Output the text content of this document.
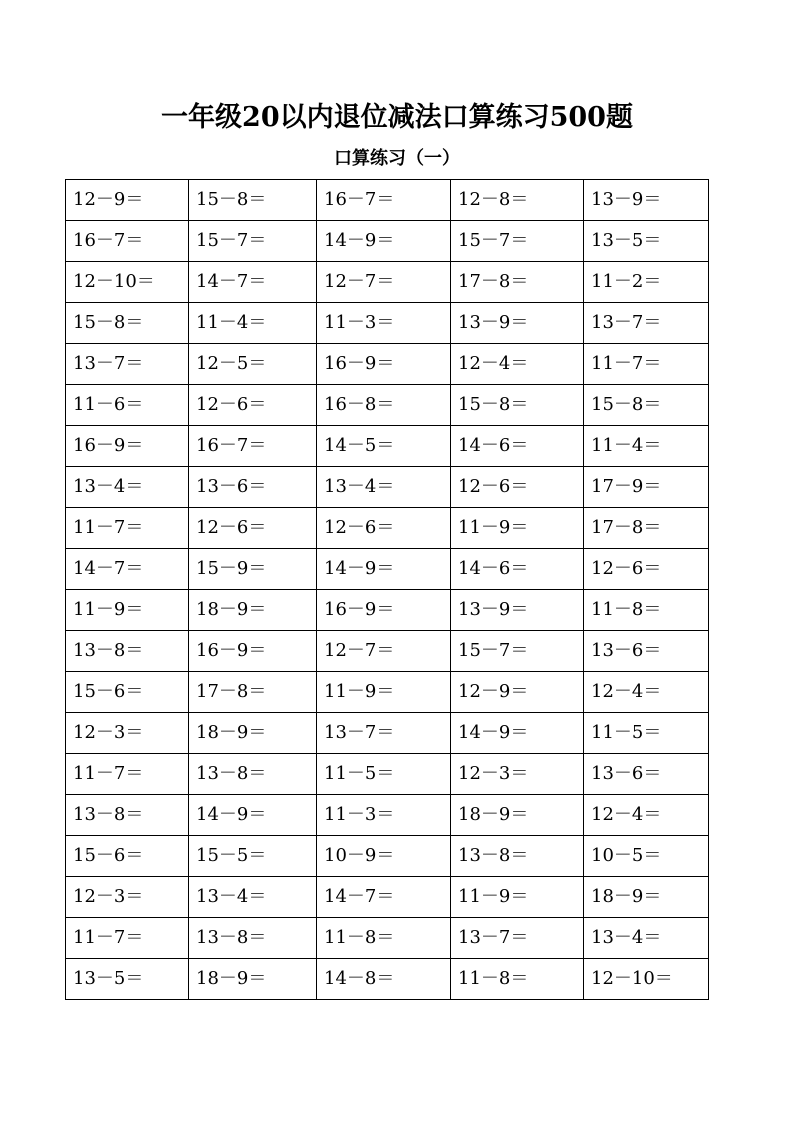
一年级20以内退位减法口算练习500题
口算练习（一）
12－9＝	15－8＝	16－7＝	12－8＝	13－9＝
16－7＝	15－7＝	14－9＝	15－7＝	13－5＝
12－10＝	14－7＝	12－7＝	17－8＝	11－2＝
15－8＝	11－4＝	11－3＝	13－9＝	13－7＝
13－7＝	12－5＝	16－9＝	12－4＝	11－7＝
11－6＝	12－6＝	16－8＝	15－8＝	15－8＝
16－9＝	16－7＝	14－5＝	14－6＝	11－4＝
13－4＝	13－6＝	13－4＝	12－6＝	17－9＝
11－7＝	12－6＝	12－6＝	11－9＝	17－8＝
14－7＝	15－9＝	14－9＝	14－6＝	12－6＝
11－9＝	18－9＝	16－9＝	13－9＝	11－8＝
13－8＝	16－9＝	12－7＝	15－7＝	13－6＝
15－6＝	17－8＝	11－9＝	12－9＝	12－4＝
12－3＝	18－9＝	13－7＝	14－9＝	11－5＝
11－7＝	13－8＝	11－5＝	12－3＝	13－6＝
13－8＝	14－9＝	11－3＝	18－9＝	12－4＝
15－6＝	15－5＝	10－9＝	13－8＝	10－5＝
12－3＝	13－4＝	14－7＝	11－9＝	18－9＝
11－7＝	13－8＝	11－8＝	13－7＝	13－4＝
13－5＝	18－9＝	14－8＝	11－8＝	12－10＝
